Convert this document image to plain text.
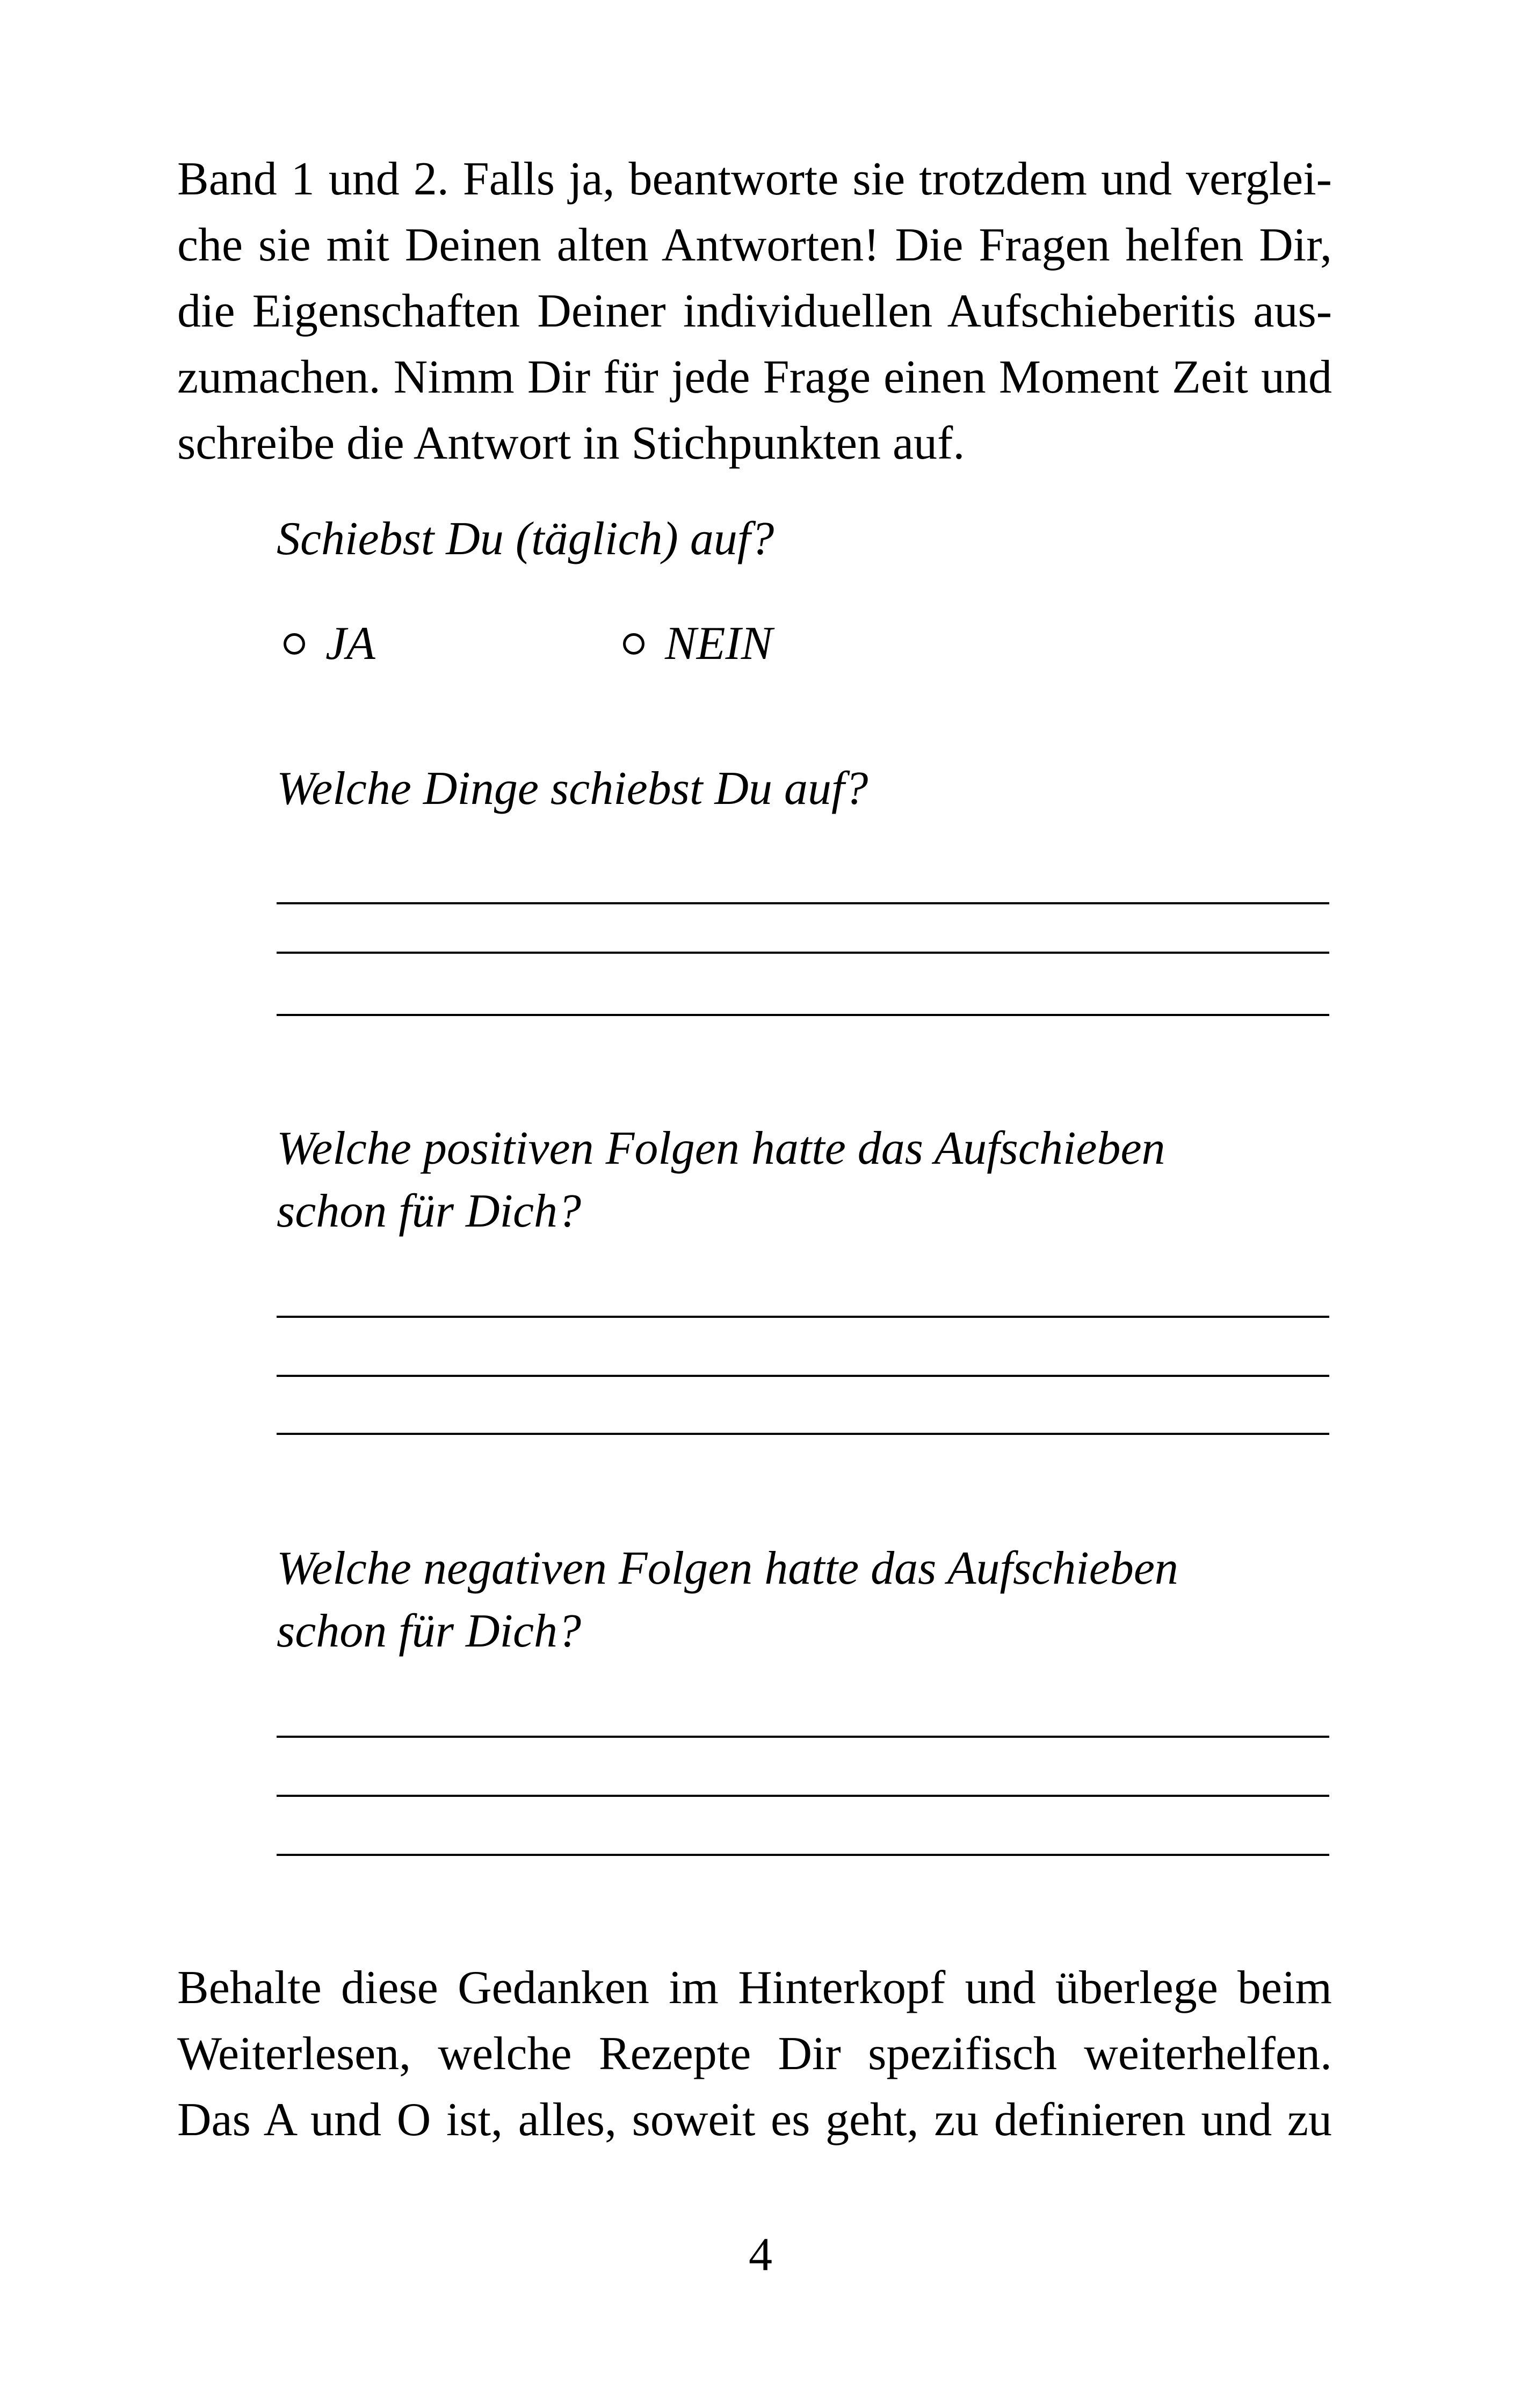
Band 1 und 2. Falls ja, beantworte sie trotzdem und verglei-
che sie mit Deinen alten Antworten! Die Fragen helfen Dir,
die Eigenschaften Deiner individuellen Aufschieberitis aus-
zumachen. Nimm Dir für jede Frage einen Moment Zeit und
schreibe die Antwort in Stichpunkten auf.
Schiebst Du (täglich) auf?
JA	NEIN
Welche Dinge schiebst Du auf?
Welche positiven Folgen hatte das Aufschieben
schon für Dich?
Welche negativen Folgen hatte das Aufschieben
schon für Dich?
Behalte diese Gedanken im Hinterkopf und überlege beim
Weiterlesen, welche Rezepte Dir spezifisch weiterhelfen.
Das A und O ist, alles, soweit es geht, zu definieren und zu
4
